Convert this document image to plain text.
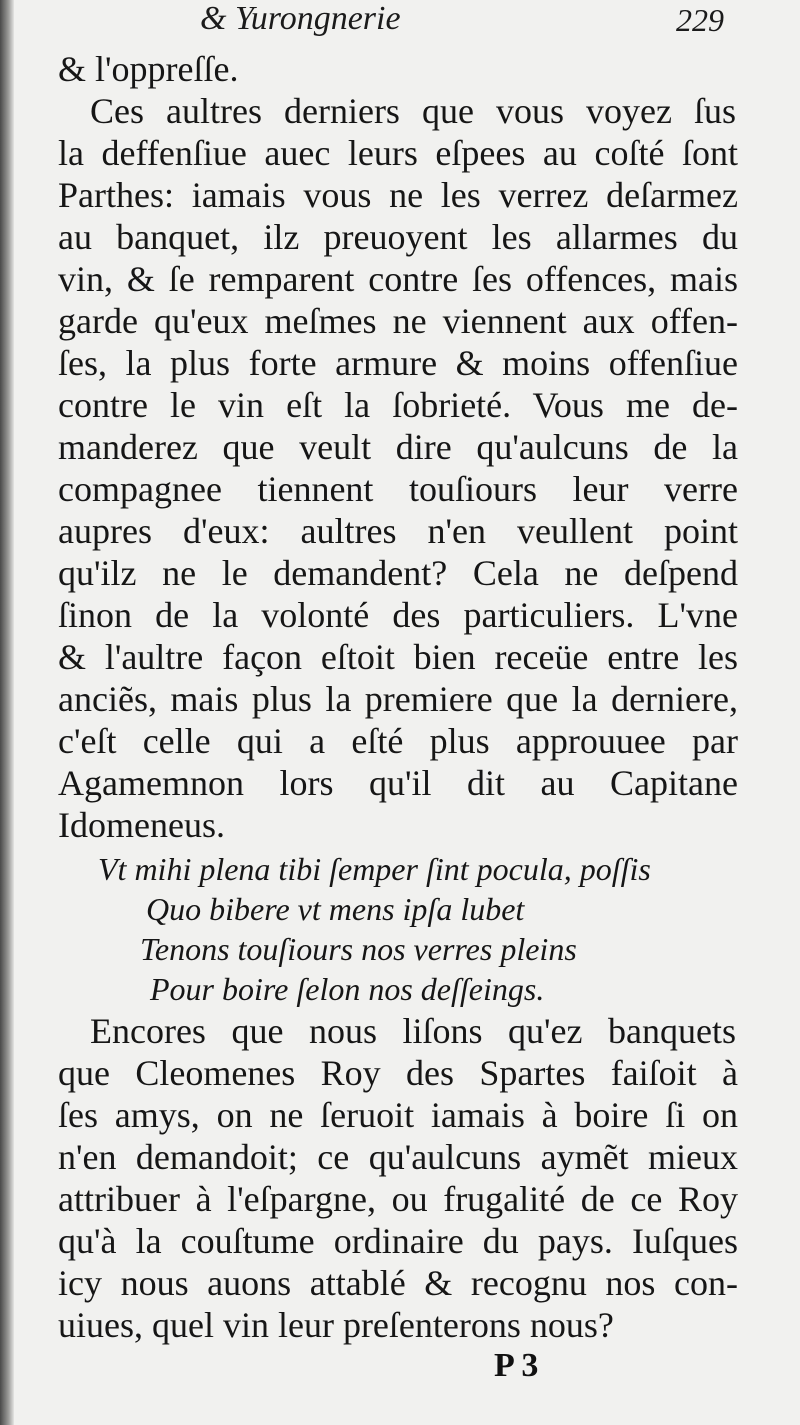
& Yurongnerie	229
& l'oppreſſe.
Ces aultres derniers que vous voyez ſus
la deffenſiue auec leurs eſpees au coſté ſont
Parthes: iamais vous ne les verrez deſarmez
au banquet, ilz preuoyent les allarmes du
vin, & ſe remparent contre ſes offences, mais
garde qu'eux meſmes ne viennent aux offen-
ſes, la plus forte armure & moins offenſiue
contre le vin eſt la ſobrieté. Vous me de-
manderez que veult dire qu'aulcuns de la
compagnee tiennent touſiours leur verre
aupres d'eux: aultres n'en veullent point
qu'ilz ne le demandent? Cela ne deſpend
ſinon de la volonté des particuliers. L'vne
& l'aultre façon eſtoit bien receüe entre les
anciẽs, mais plus la premiere que la derniere,
c'eſt celle qui a eſté plus approuuee par
Agamemnon lors qu'il dit au Capitane
Idomeneus.
Vt mihi plena tibi ſemper ſint pocula, poſſis
Quo bibere vt mens ipſa lubet
Tenons touſiours nos verres pleins
Pour boire ſelon nos deſſeings.
Encores que nous liſons qu'ez banquets
que Cleomenes Roy des Spartes faiſoit à
ſes amys, on ne ſeruoit iamais à boire ſi on
n'en demandoit; ce qu'aulcuns aymẽt mieux
attribuer à l'eſpargne, ou frugalité de ce Roy
qu'à la couſtume ordinaire du pays. Iuſques
icy nous auons attablé & recognu nos con-
uiues, quel vin leur preſenterons nous?
P 3
